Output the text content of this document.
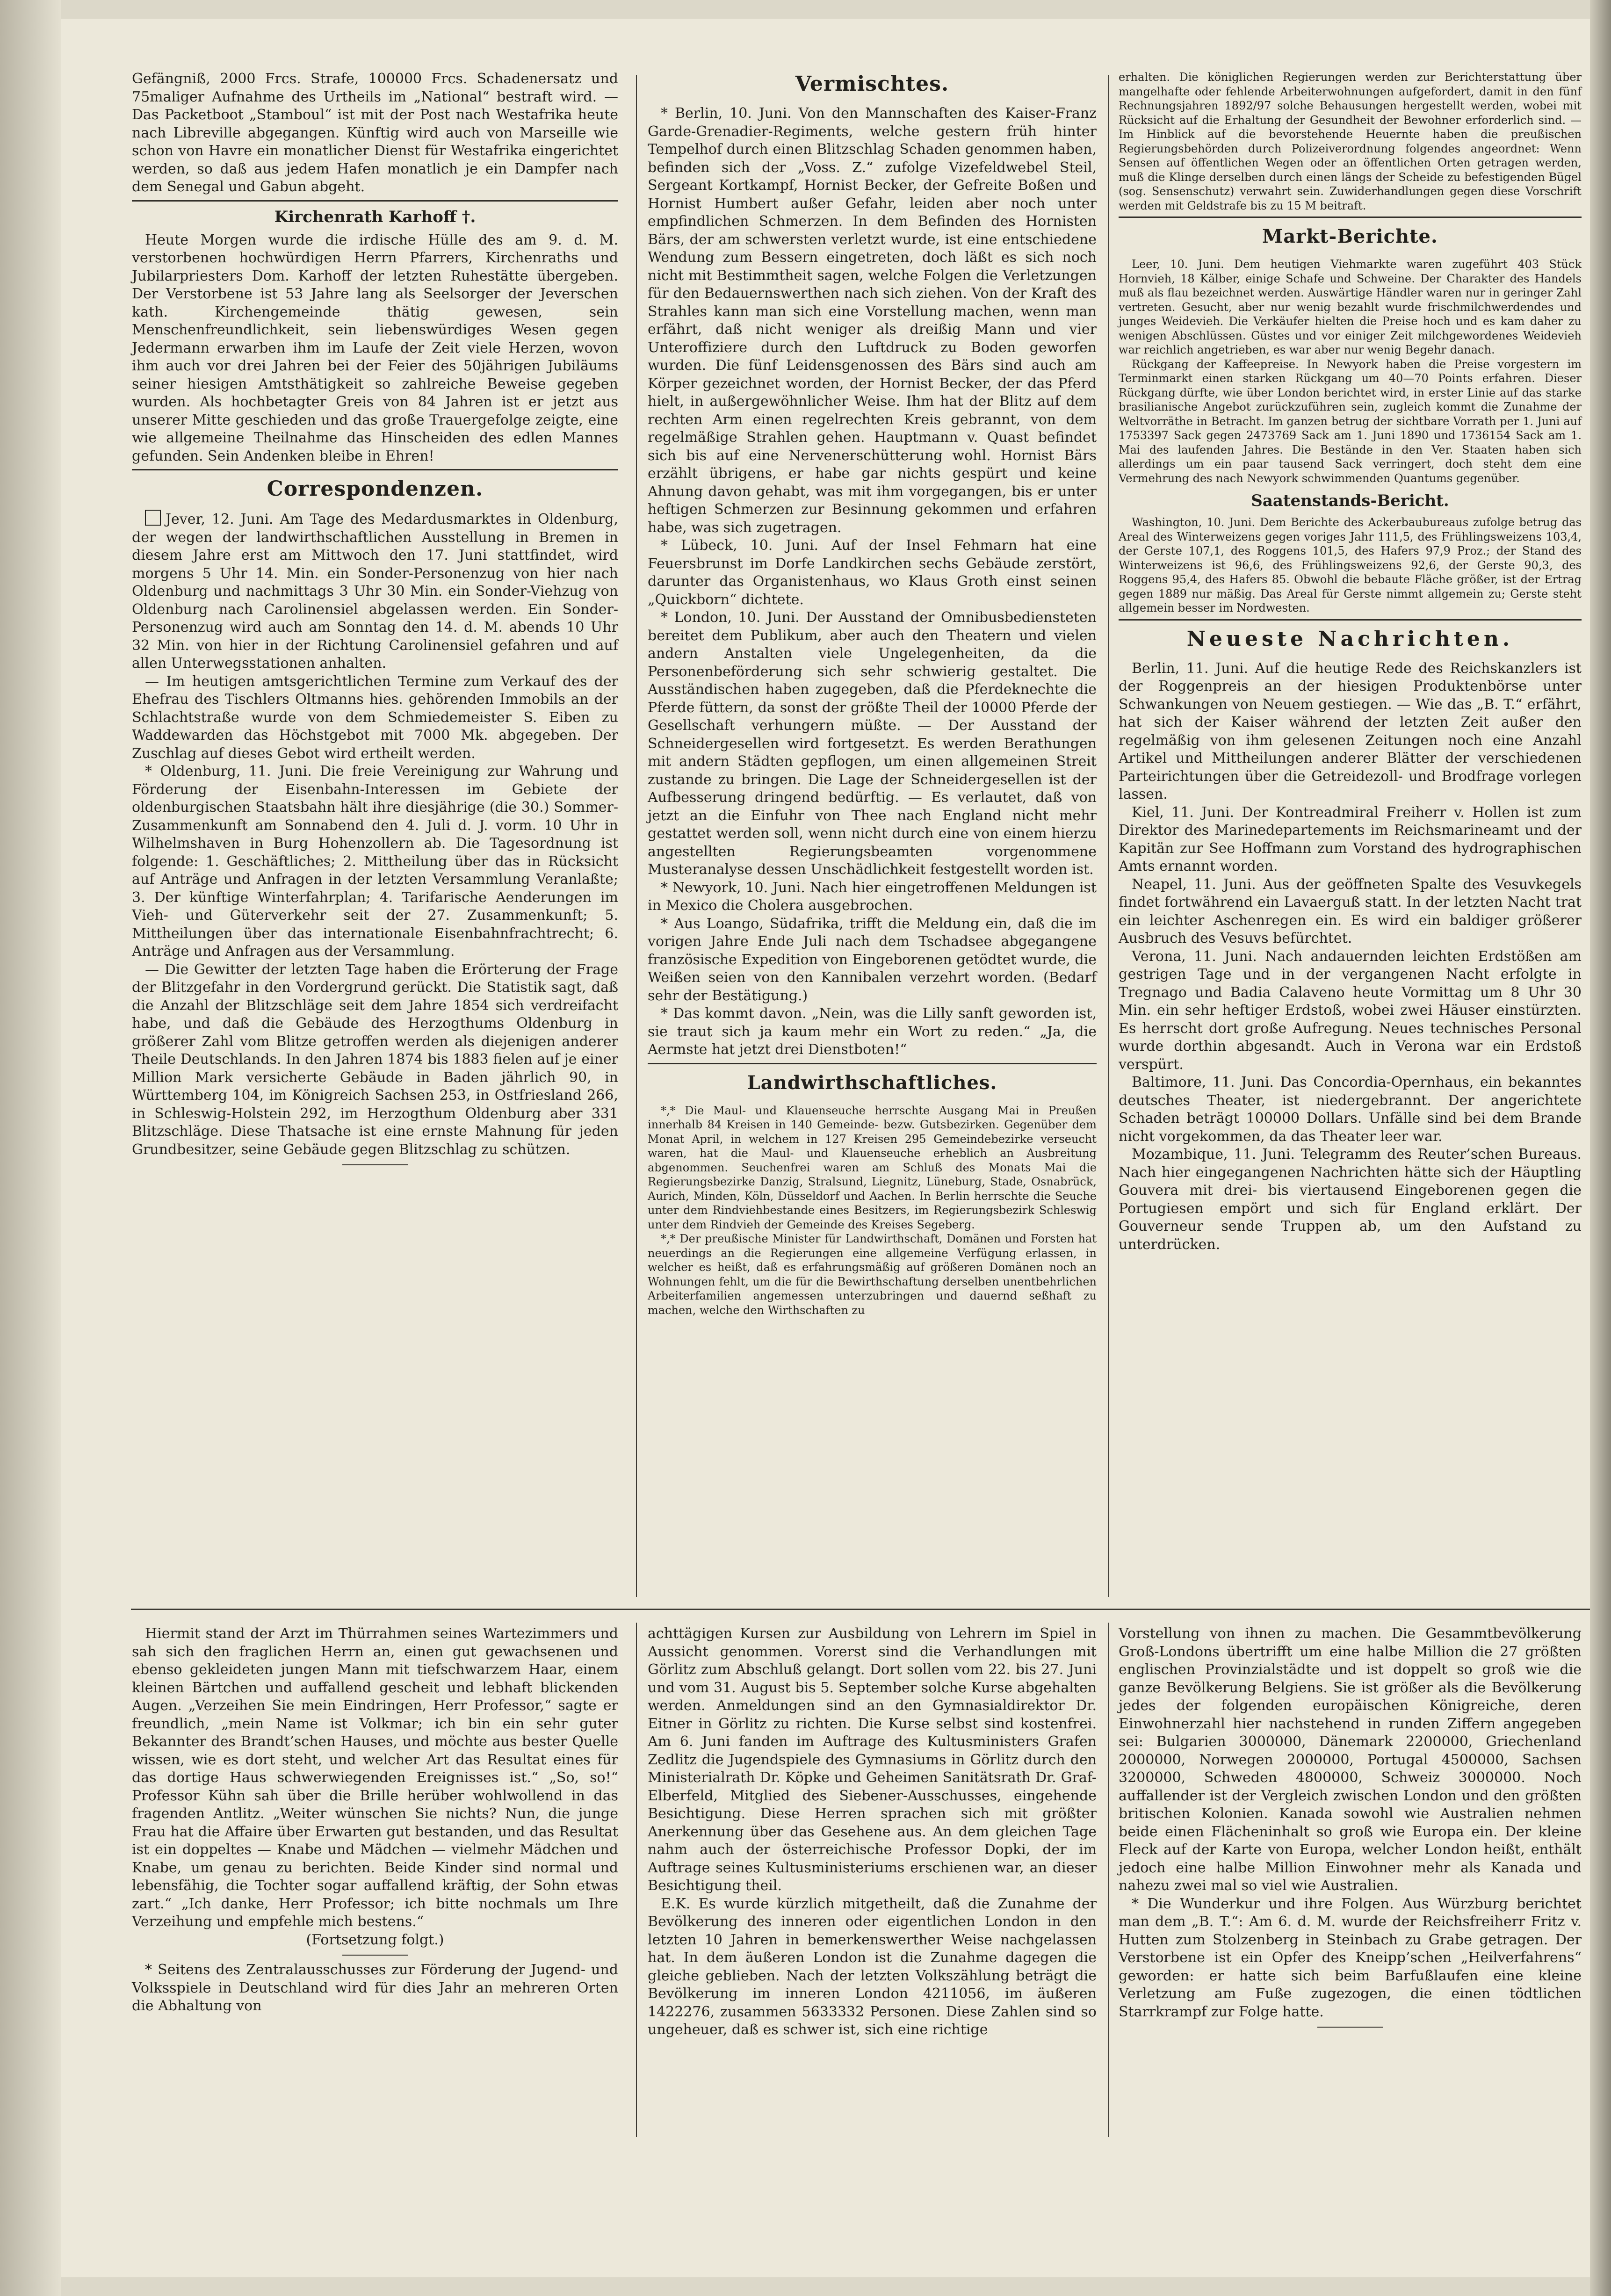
Gefängniß, 2000 Frcs. Strafe, 100000 Frcs. Schadenersatz und 75maliger Aufnahme des Urtheils im „National“ bestraft wird. — Das Packetboot „Stamboul“ ist mit der Post nach Westafrika heute nach Libreville abgegangen. Künftig wird auch von Marseille wie schon von Havre ein monatlicher Dienst für Westafrika eingerichtet werden, so daß aus jedem Hafen monatlich je ein Dampfer nach dem Senegal und Gabun abgeht.

Kirchenrath Karhoff †.

Heute Morgen wurde die irdische Hülle des am 9. d. M. verstorbenen hochwürdigen Herrn Pfarrers, Kirchenraths und Jubilarpriesters Dom. Karhoff der letzten Ruhestätte übergeben. Der Verstorbene ist 53 Jahre lang als Seelsorger der Jeverschen kath. Kirchengemeinde thätig gewesen, sein Menschenfreundlichkeit, sein liebenswürdiges Wesen gegen Jedermann erwarben ihm im Laufe der Zeit viele Herzen, wovon ihm auch vor drei Jahren bei der Feier des 50jährigen Jubiläums seiner hiesigen Amtsthätigkeit so zahlreiche Beweise gegeben wurden. Als hochbetagter Greis von 84 Jahren ist er jetzt aus unserer Mitte geschieden und das große Trauergefolge zeigte, eine wie allgemeine Theilnahme das Hinscheiden des edlen Mannes gefunden. Sein Andenken bleibe in Ehren!

Correspondenzen.

Jever, 12. Juni. Am Tage des Medardusmarktes in Oldenburg, der wegen der landwirthschaftlichen Ausstellung in Bremen in diesem Jahre erst am Mittwoch den 17. Juni stattfindet, wird morgens 5 Uhr 14. Min. ein Sonder-Personenzug von hier nach Oldenburg und nachmittags 3 Uhr 30 Min. ein Sonder-Viehzug von Oldenburg nach Carolinensiel abgelassen werden. Ein Sonder-Personenzug wird auch am Sonntag den 14. d. M. abends 10 Uhr 32 Min. von hier in der Richtung Carolinensiel gefahren und auf allen Unterwegsstationen anhalten.

— Im heutigen amtsgerichtlichen Termine zum Verkauf des der Ehefrau des Tischlers Oltmanns hies. gehörenden Immobils an der Schlachtstraße wurde von dem Schmiedemeister S. Eiben zu Waddewarden das Höchstgebot mit 7000 Mk. abgegeben. Der Zuschlag auf dieses Gebot wird ertheilt werden.

* Oldenburg, 11. Juni. Die freie Vereinigung zur Wahrung und Förderung der Eisenbahn-Interessen im Gebiete der oldenburgischen Staatsbahn hält ihre diesjährige (die 30.) Sommer-Zusammenkunft am Sonnabend den 4. Juli d. J. vorm. 10 Uhr in Wilhelmshaven in Burg Hohenzollern ab. Die Tagesordnung ist folgende: 1. Geschäftliches; 2. Mittheilung über das in Rücksicht auf Anträge und Anfragen in der letzten Versammlung Veranlaßte; 3. Der künftige Winterfahrplan; 4. Tarifarische Aenderungen im Vieh- und Güterverkehr seit der 27. Zusammenkunft; 5. Mittheilungen über das internationale Eisenbahnfrachtrecht; 6. Anträge und Anfragen aus der Versammlung.

— Die Gewitter der letzten Tage haben die Erörterung der Frage der Blitzgefahr in den Vordergrund gerückt. Die Statistik sagt, daß die Anzahl der Blitzschläge seit dem Jahre 1854 sich verdreifacht habe, und daß die Gebäude des Herzogthums Oldenburg in größerer Zahl vom Blitze getroffen werden als diejenigen anderer Theile Deutschlands. In den Jahren 1874 bis 1883 fielen auf je einer Million Mark versicherte Gebäude in Baden jährlich 90, in Württemberg 104, im Königreich Sachsen 253, in Ostfriesland 266, in Schleswig-Holstein 292, im Herzogthum Oldenburg aber 331 Blitzschläge. Diese Thatsache ist eine ernste Mahnung für jeden Grundbesitzer, seine Gebäude gegen Blitzschlag zu schützen.

Vermischtes.

* Berlin, 10. Juni. Von den Mannschaften des Kaiser-Franz Garde-Grenadier-Regiments, welche gestern früh hinter Tempelhof durch einen Blitzschlag Schaden genommen haben, befinden sich der „Voss. Z.“ zufolge Vizefeldwebel Steil, Sergeant Kortkampf, Hornist Becker, der Gefreite Boßen und Hornist Humbert außer Gefahr, leiden aber noch unter empfindlichen Schmerzen. In dem Befinden des Hornisten Bärs, der am schwersten verletzt wurde, ist eine entschiedene Wendung zum Bessern eingetreten, doch läßt es sich noch nicht mit Bestimmtheit sagen, welche Folgen die Verletzungen für den Bedauernswerthen nach sich ziehen. Von der Kraft des Strahles kann man sich eine Vorstellung machen, wenn man erfährt, daß nicht weniger als dreißig Mann und vier Unteroffiziere durch den Luftdruck zu Boden geworfen wurden. Die fünf Leidensgenossen des Bärs sind auch am Körper gezeichnet worden, der Hornist Becker, der das Pferd hielt, in außergewöhnlicher Weise. Ihm hat der Blitz auf dem rechten Arm einen regelrechten Kreis gebrannt, von dem regelmäßige Strahlen gehen. Hauptmann v. Quast befindet sich bis auf eine Nervenerschütterung wohl. Hornist Bärs erzählt übrigens, er habe gar nichts gespürt und keine Ahnung davon gehabt, was mit ihm vorgegangen, bis er unter heftigen Schmerzen zur Besinnung gekommen und erfahren habe, was sich zugetragen.

* Lübeck, 10. Juni. Auf der Insel Fehmarn hat eine Feuersbrunst im Dorfe Landkirchen sechs Gebäude zerstört, darunter das Organistenhaus, wo Klaus Groth einst seinen „Quickborn“ dichtete.

* London, 10. Juni. Der Ausstand der Omnibusbediensteten bereitet dem Publikum, aber auch den Theatern und vielen andern Anstalten viele Ungelegenheiten, da die Personenbeförderung sich sehr schwierig gestaltet. Die Ausständischen haben zugegeben, daß die Pferdeknechte die Pferde füttern, da sonst der größte Theil der 10000 Pferde der Gesellschaft verhungern müßte. — Der Ausstand der Schneidergesellen wird fortgesetzt. Es werden Berathungen mit andern Städten gepflogen, um einen allgemeinen Streit zustande zu bringen. Die Lage der Schneidergesellen ist der Aufbesserung dringend bedürftig. — Es verlautet, daß von jetzt an die Einfuhr von Thee nach England nicht mehr gestattet werden soll, wenn nicht durch eine von einem hierzu angestellten Regierungsbeamten vorgenommene Musteranalyse dessen Unschädlichkeit festgestellt worden ist.

* Newyork, 10. Juni. Nach hier eingetroffenen Meldungen ist in Mexico die Cholera ausgebrochen.

* Aus Loango, Südafrika, trifft die Meldung ein, daß die im vorigen Jahre Ende Juli nach dem Tschadsee abgegangene französische Expedition von Eingeborenen getödtet wurde, die Weißen seien von den Kannibalen verzehrt worden. (Bedarf sehr der Bestätigung.)

* Das kommt davon. „Nein, was die Lilly sanft geworden ist, sie traut sich ja kaum mehr ein Wort zu reden.“ „Ja, die Aermste hat jetzt drei Dienstboten!“

Landwirthschaftliches.

*,* Die Maul- und Klauenseuche herrschte Ausgang Mai in Preußen innerhalb 84 Kreisen in 140 Gemeinde- bezw. Gutsbezirken. Gegenüber dem Monat April, in welchem in 127 Kreisen 295 Gemeindebezirke verseucht waren, hat die Maul- und Klauenseuche erheblich an Ausbreitung abgenommen. Seuchenfrei waren am Schluß des Monats Mai die Regierungsbezirke Danzig, Stralsund, Liegnitz, Lüneburg, Stade, Osnabrück, Aurich, Minden, Köln, Düsseldorf und Aachen. In Berlin herrschte die Seuche unter dem Rindviehbestande eines Besitzers, im Regierungsbezirk Schleswig unter dem Rindvieh der Gemeinde des Kreises Segeberg.

*,* Der preußische Minister für Landwirthschaft, Domänen und Forsten hat neuerdings an die Regierungen eine allgemeine Verfügung erlassen, in welcher es heißt, daß es erfahrungsmäßig auf größeren Domänen noch an Wohnungen fehlt, um die für die Bewirthschaftung derselben unentbehrlichen Arbeiterfamilien angemessen unterzubringen und dauernd seßhaft zu machen, welche den Wirthschaften zu

erhalten. Die königlichen Regierungen werden zur Berichterstattung über mangelhafte oder fehlende Arbeiterwohnungen aufgefordert, damit in den fünf Rechnungsjahren 1892/97 solche Behausungen hergestellt werden, wobei mit Rücksicht auf die Erhaltung der Gesundheit der Bewohner erforderlich sind. — Im Hinblick auf die bevorstehende Heuernte haben die preußischen Regierungsbehörden durch Polizeiverordnung folgendes angeordnet: Wenn Sensen auf öffentlichen Wegen oder an öffentlichen Orten getragen werden, muß die Klinge derselben durch einen längs der Scheide zu befestigenden Bügel (sog. Sensenschutz) verwahrt sein. Zuwiderhandlungen gegen diese Vorschrift werden mit Geldstrafe bis zu 15 M beitraft.

Markt-Berichte.

Leer, 10. Juni. Dem heutigen Viehmarkte waren zugeführt 403 Stück Hornvieh, 18 Kälber, einige Schafe und Schweine. Der Charakter des Handels muß als flau bezeichnet werden. Auswärtige Händler waren nur in geringer Zahl vertreten. Gesucht, aber nur wenig bezahlt wurde frischmilchwerdendes und junges Weidevieh. Die Verkäufer hielten die Preise hoch und es kam daher zu wenigen Abschlüssen. Güstes und vor einiger Zeit milchgewordenes Weidevieh war reichlich angetrieben, es war aber nur wenig Begehr danach.

Rückgang der Kaffeepreise. In Newyork haben die Preise vorgestern im Terminmarkt einen starken Rückgang um 40—70 Points erfahren. Dieser Rückgang dürfte, wie über London berichtet wird, in erster Linie auf das starke brasilianische Angebot zurückzuführen sein, zugleich kommt die Zunahme der Weltvorräthe in Betracht. Im ganzen betrug der sichtbare Vorrath per 1. Juni auf 1753397 Sack gegen 2473769 Sack am 1. Juni 1890 und 1736154 Sack am 1. Mai des laufenden Jahres. Die Bestände in den Ver. Staaten haben sich allerdings um ein paar tausend Sack verringert, doch steht dem eine Vermehrung des nach Newyork schwimmenden Quantums gegenüber.

Saatenstands-Bericht.

Washington, 10. Juni. Dem Berichte des Ackerbaubureaus zufolge betrug das Areal des Winterweizens gegen voriges Jahr 111,5, des Frühlingsweizens 103,4, der Gerste 107,1, des Roggens 101,5, des Hafers 97,9 Proz.; der Stand des Winterweizens ist 96,6, des Frühlingsweizens 92,6, der Gerste 90,3, des Roggens 95,4, des Hafers 85. Obwohl die bebaute Fläche größer, ist der Ertrag gegen 1889 nur mäßig. Das Areal für Gerste nimmt allgemein zu; Gerste steht allgemein besser im Nordwesten.

Neueste Nachrichten.

Berlin, 11. Juni. Auf die heutige Rede des Reichskanzlers ist der Roggenpreis an der hiesigen Produktenbörse unter Schwankungen von Neuem gestiegen. — Wie das „B. T.“ erfährt, hat sich der Kaiser während der letzten Zeit außer den regelmäßig von ihm gelesenen Zeitungen noch eine Anzahl Artikel und Mittheilungen anderer Blätter der verschiedenen Parteirichtungen über die Getreidezoll- und Brodfrage vorlegen lassen.

Kiel, 11. Juni. Der Kontreadmiral Freiherr v. Hollen ist zum Direktor des Marinedepartements im Reichsmarineamt und der Kapitän zur See Hoffmann zum Vorstand des hydrographischen Amts ernannt worden.

Neapel, 11. Juni. Aus der geöffneten Spalte des Vesuvkegels findet fortwährend ein Lavaerguß statt. In der letzten Nacht trat ein leichter Aschenregen ein. Es wird ein baldiger größerer Ausbruch des Vesuvs befürchtet.

Verona, 11. Juni. Nach andauernden leichten Erdstößen am gestrigen Tage und in der vergangenen Nacht erfolgte in Tregnago und Badia Calaveno heute Vormittag um 8 Uhr 30 Min. ein sehr heftiger Erdstoß, wobei zwei Häuser einstürzten. Es herrscht dort große Aufregung. Neues technisches Personal wurde dorthin abgesandt. Auch in Verona war ein Erdstoß verspürt.

Baltimore, 11. Juni. Das Concordia-Opernhaus, ein bekanntes deutsches Theater, ist niedergebrannt. Der angerichtete Schaden beträgt 100000 Dollars. Unfälle sind bei dem Brande nicht vorgekommen, da das Theater leer war.

Mozambique, 11. Juni. Telegramm des Reuter’schen Bureaus. Nach hier eingegangenen Nachrichten hätte sich der Häuptling Gouvera mit drei- bis viertausend Eingeborenen gegen die Portugiesen empört und sich für England erklärt. Der Gouverneur sende Truppen ab, um den Aufstand zu unterdrücken.

Hiermit stand der Arzt im Thürrahmen seines Wartezimmers und sah sich den fraglichen Herrn an, einen gut gewachsenen und ebenso gekleideten jungen Mann mit tiefschwarzem Haar, einem kleinen Bärtchen und auffallend gescheit und lebhaft blickenden Augen. „Verzeihen Sie mein Eindringen, Herr Professor,“ sagte er freundlich, „mein Name ist Volkmar; ich bin ein sehr guter Bekannter des Brandt’schen Hauses, und möchte aus bester Quelle wissen, wie es dort steht, und welcher Art das Resultat eines für das dortige Haus schwerwiegenden Ereignisses ist.“ „So, so!“ Professor Kühn sah über die Brille herüber wohlwollend in das fragenden Antlitz. „Weiter wünschen Sie nichts? Nun, die junge Frau hat die Affaire über Erwarten gut bestanden, und das Resultat ist ein doppeltes — Knabe und Mädchen — vielmehr Mädchen und Knabe, um genau zu berichten. Beide Kinder sind normal und lebensfähig, die Tochter sogar auffallend kräftig, der Sohn etwas zart.“ „Ich danke, Herr Professor; ich bitte nochmals um Ihre Verzeihung und empfehle mich bestens.“

(Fortsetzung folgt.)

* Seitens des Zentralausschusses zur Förderung der Jugend- und Volksspiele in Deutschland wird für dies Jahr an mehreren Orten die Abhaltung von

achttägigen Kursen zur Ausbildung von Lehrern im Spiel in Aussicht genommen. Vorerst sind die Verhandlungen mit Görlitz zum Abschluß gelangt. Dort sollen vom 22. bis 27. Juni und vom 31. August bis 5. September solche Kurse abgehalten werden. Anmeldungen sind an den Gymnasialdirektor Dr. Eitner in Görlitz zu richten. Die Kurse selbst sind kostenfrei. Am 6. Juni fanden im Auftrage des Kultusministers Grafen Zedlitz die Jugendspiele des Gymnasiums in Görlitz durch den Ministerialrath Dr. Köpke und Geheimen Sanitätsrath Dr. Graf-Elberfeld, Mitglied des Siebener-Ausschusses, eingehende Besichtigung. Diese Herren sprachen sich mit größter Anerkennung über das Gesehene aus. An dem gleichen Tage nahm auch der österreichische Professor Dopki, der im Auftrage seines Kultusministeriums erschienen war, an dieser Besichtigung theil.

E.K. Es wurde kürzlich mitgetheilt, daß die Zunahme der Bevölkerung des inneren oder eigentlichen London in den letzten 10 Jahren in bemerkenswerther Weise nachgelassen hat. In dem äußeren London ist die Zunahme dagegen die gleiche geblieben. Nach der letzten Volkszählung beträgt die Bevölkerung im inneren London 4211056, im äußeren 1422276, zusammen 5633332 Personen. Diese Zahlen sind so ungeheuer, daß es schwer ist, sich eine richtige

Vorstellung von ihnen zu machen. Die Gesammtbevölkerung Groß-Londons übertrifft um eine halbe Million die 27 größten englischen Provinzialstädte und ist doppelt so groß wie die ganze Bevölkerung Belgiens. Sie ist größer als die Bevölkerung jedes der folgenden europäischen Königreiche, deren Einwohnerzahl hier nachstehend in runden Ziffern angegeben sei: Bulgarien 3000000, Dänemark 2200000, Griechenland 2000000, Norwegen 2000000, Portugal 4500000, Sachsen 3200000, Schweden 4800000, Schweiz 3000000. Noch auffallender ist der Vergleich zwischen London und den größten britischen Kolonien. Kanada sowohl wie Australien nehmen beide einen Flächeninhalt so groß wie Europa ein. Der kleine Fleck auf der Karte von Europa, welcher London heißt, enthält jedoch eine halbe Million Einwohner mehr als Kanada und nahezu zwei mal so viel wie Australien.

* Die Wunderkur und ihre Folgen. Aus Würzburg berichtet man dem „B. T.“: Am 6. d. M. wurde der Reichsfreiherr Fritz v. Hutten zum Stolzenberg in Steinbach zu Grabe getragen. Der Verstorbene ist ein Opfer des Kneipp’schen „Heilverfahrens“ geworden: er hatte sich beim Barfußlaufen eine kleine Verletzung am Fuße zugezogen, die einen tödtlichen Starrkrampf zur Folge hatte.
